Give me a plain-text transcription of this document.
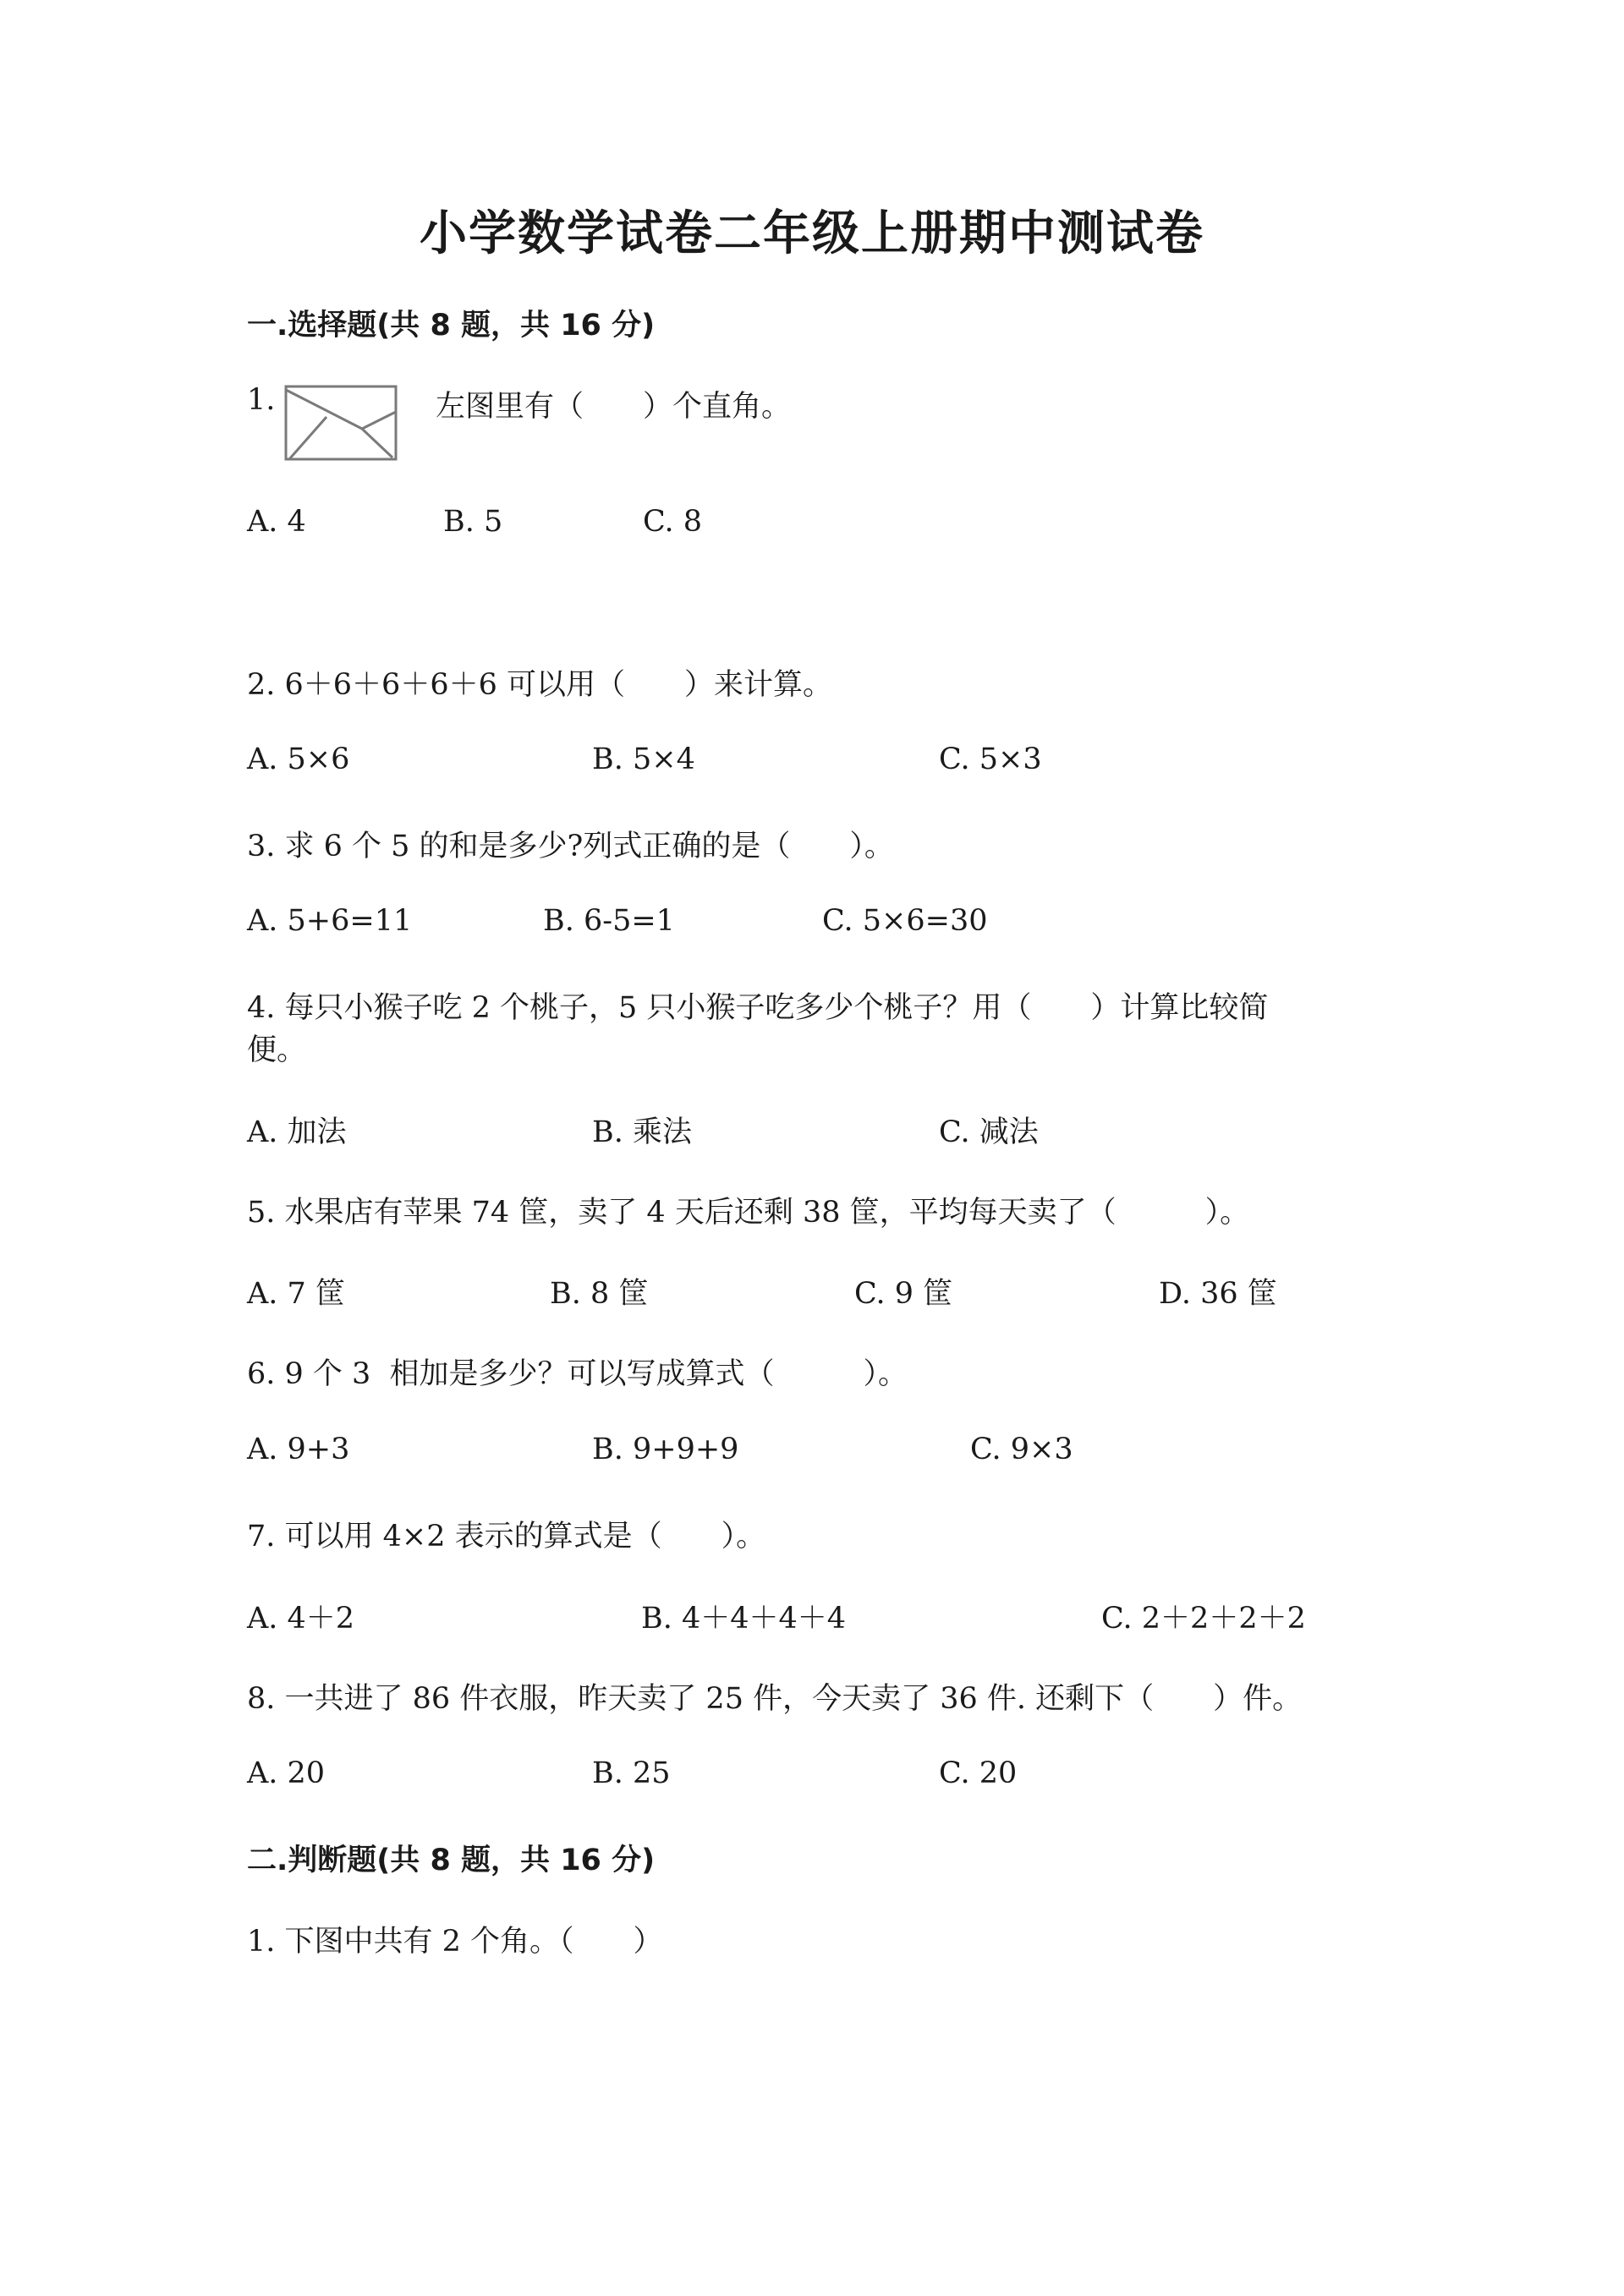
小学数学试卷二年级上册期中测试卷
一.选择题(共 8 题，共 16 分)
1.	左图里有（　　）个直角。
A. 4	B. 5	C. 8
2. 6＋6＋6＋6＋6 可以用（　　）来计算。
A. 5×6	B. 5×4	C. 5×3
3. 求 6 个 5 的和是多少?列式正确的是（　　）。
A. 5+6=11	B. 6-5=1	C. 5×6=30
4. 每只小猴子吃 2 个桃子，5 只小猴子吃多少个桃子？用（　　）计算比较简
便。
A. 加法	B. 乘法	C. 减法
5. 水果店有苹果 74 筐，卖了 4 天后还剩 38 筐，平均每天卖了（　　　）。
A. 7 筐	B. 8 筐	C. 9 筐	D. 36 筐
6. 9 个 3  相加是多少？可以写成算式（　　　）。
A. 9+3	B. 9+9+9	C. 9×3
7. 可以用 4×2 表示的算式是（　　）。
A. 4＋2	B. 4＋4＋4＋4	C. 2＋2＋2＋2
8. 一共进了 86 件衣服，昨天卖了 25 件，今天卖了 36 件. 还剩下（　　）件。
A. 20	B. 25	C. 20
二.判断题(共 8 题，共 16 分)
1. 下图中共有 2 个角。（　　）
